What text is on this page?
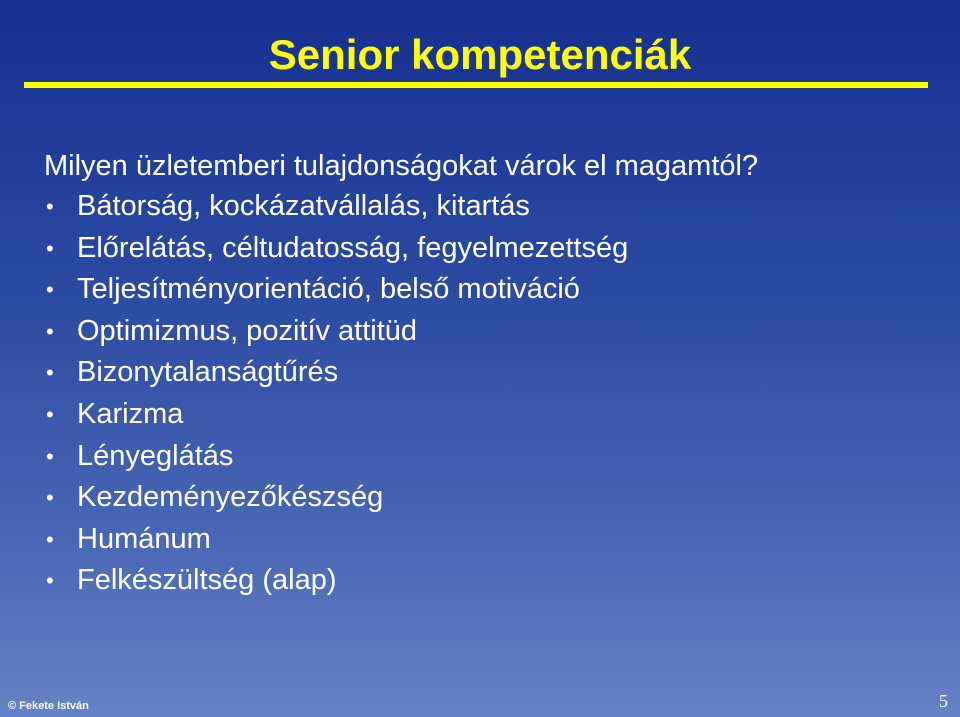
Senior kompetenciák

Milyen üzletemberi tulajdonságokat várok el magamtól?

• Bátorság, kockázatvállalás, kitartás
• Előrelátás, céltudatosság, fegyelmezettség
• Teljesítményorientáció, belső motiváció
• Optimizmus, pozitív attitüd
• Bizonytalanságtűrés
• Karizma
• Lényeglátás
• Kezdeményezőkészség
• Humánum
• Felkészültség (alap)
© Fekete István	5
